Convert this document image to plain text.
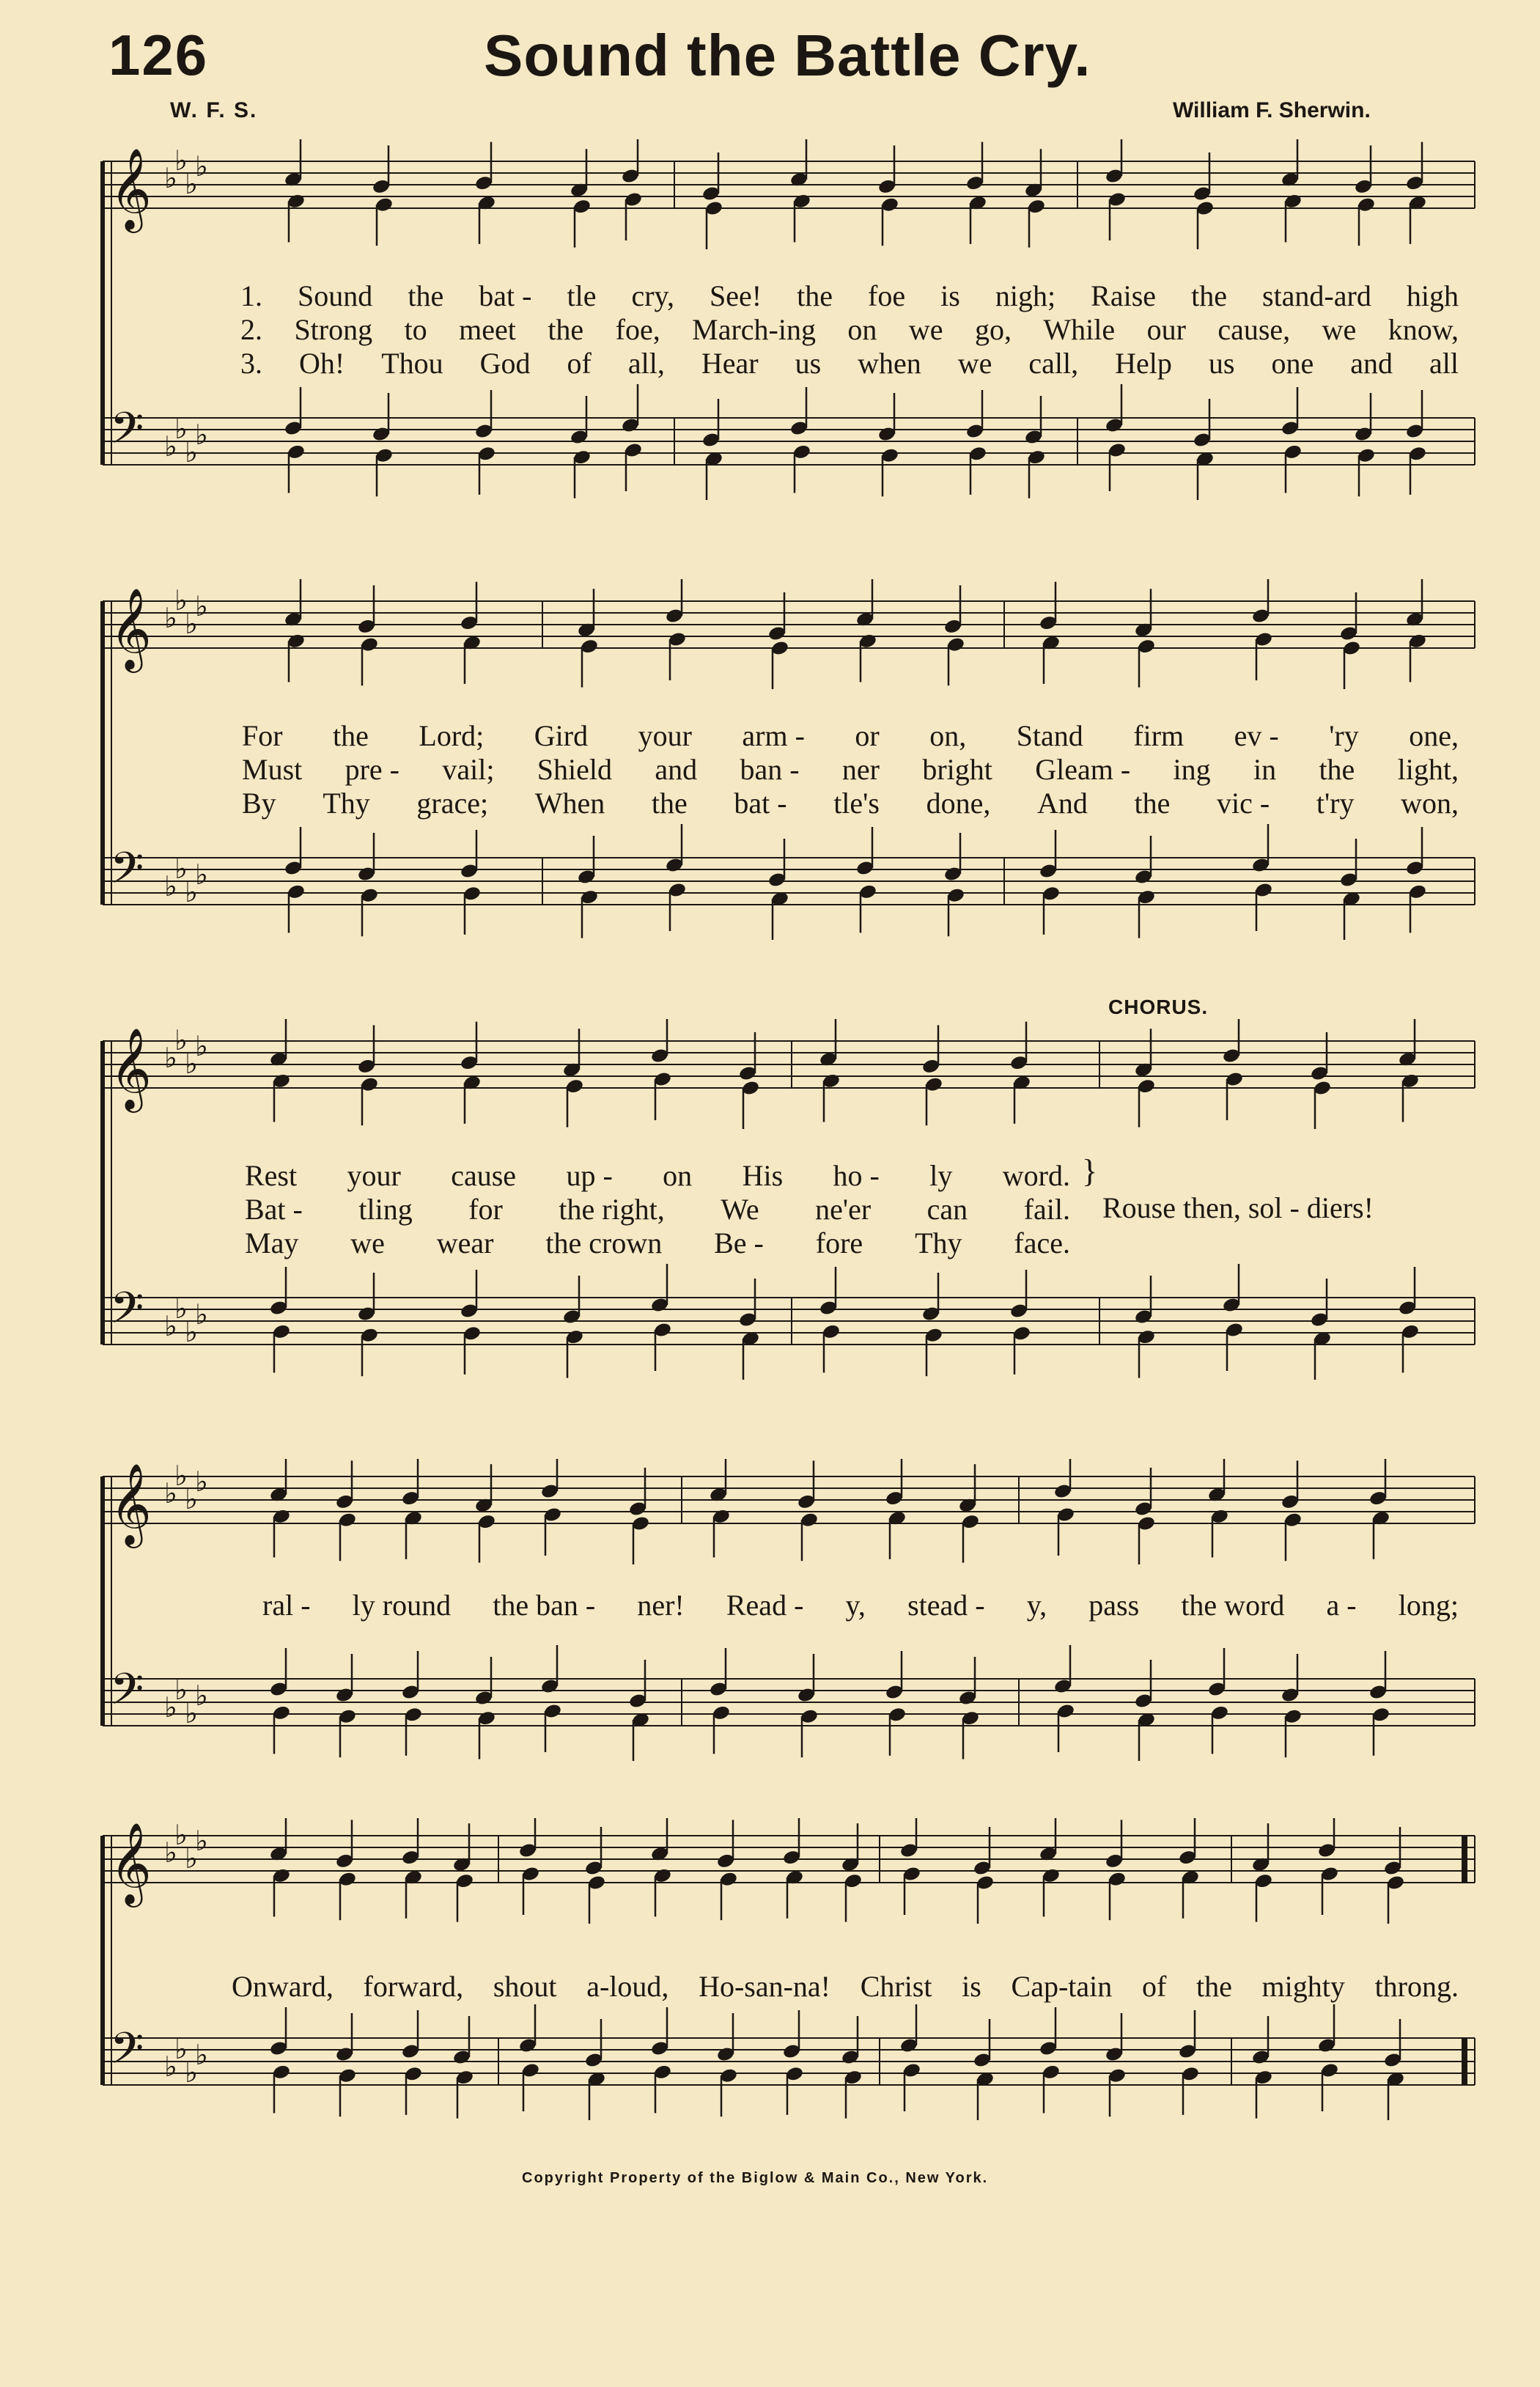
126	Sound the Battle Cry.
W. F. S.	William F. Sherwin.
𝄞
𝄢
♭
♭
♭
♭
♭
♭
♭
♭
𝄞
𝄢
♭
♭
♭
♭
♭
♭
♭
♭
𝄞
𝄢
♭
♭
♭
♭
♭
♭
♭
♭
𝄞
𝄢
♭
♭
♭
♭
♭
♭
♭
♭
𝄞
𝄢
♭
♭
♭
♭
♭
♭
♭
♭
CHORUS.
1. Sound the bat - tle cry, See! the foe is nigh; Raise the stand-ard high
2. Strong to meet the foe, March-ing on we go, While our cause, we know,
3. Oh! Thou God of all, Hear us when we call, Help us one and all
For the Lord; Gird your arm - or on, Stand firm ev - 'ry one,
Must pre - vail; Shield and ban - ner bright Gleam - ing in the light,
By Thy grace; When the bat - tle's done, And the vic - t'ry won,
Rest your cause up - on His ho - ly word.
Bat - tling for the right, We ne'er can fail.
May we wear the crown Be - fore Thy face.
ral - ly round the ban - ner! Read - y, stead - y, pass the word a - long;
Onward, forward, shout a-loud, Ho-san-na! Christ is Cap-tain of the mighty throng.
}
Rouse then, sol - diers!
Copyright Property of the Biglow & Main Co., New York.
